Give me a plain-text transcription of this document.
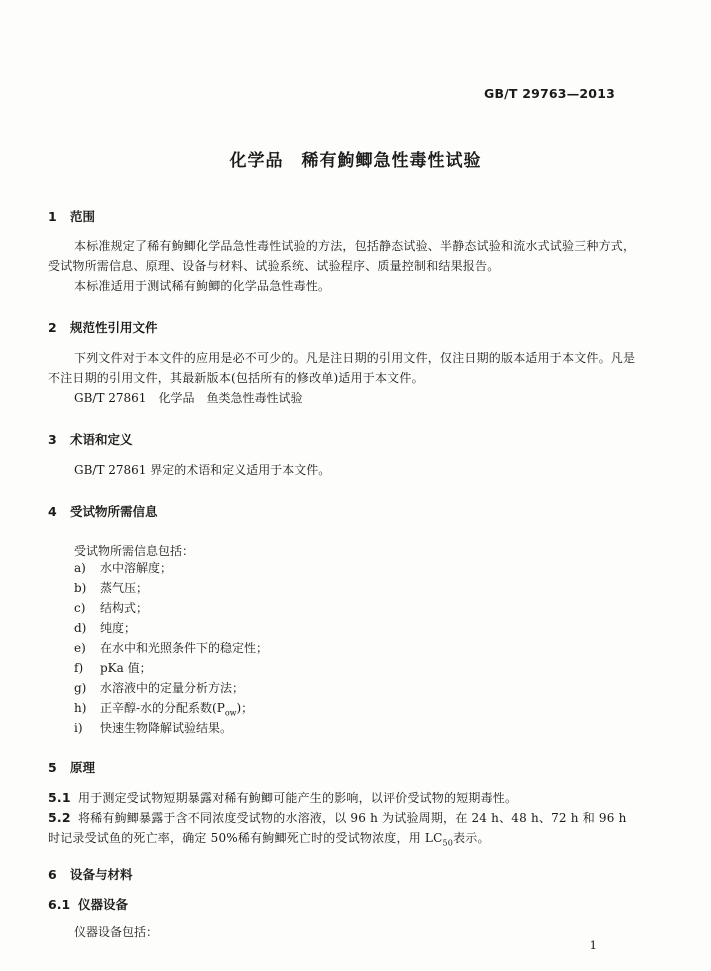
GB/T 29763—2013
化学品　稀有鮈鲫急性毒性试验
1 范围
本标准规定了稀有鮈鲫化学品急性毒性试验的方法，包括静态试验、半静态试验和流水式试验三种方式，受试物所需信息、原理、设备与材料、试验系统、试验程序、质量控制和结果报告。
本标准适用于测试稀有鮈鲫的化学品急性毒性。
2 规范性引用文件
下列文件对于本文件的应用是必不可少的。凡是注日期的引用文件，仅注日期的版本适用于本文件。凡是不注日期的引用文件，其最新版本(包括所有的修改单)适用于本文件。
GB/T 27861　化学品　鱼类急性毒性试验
3 术语和定义
GB/T 27861 界定的术语和定义适用于本文件。
4 受试物所需信息
受试物所需信息包括：
a) 水中溶解度；
b) 蒸气压；
c) 结构式；
d) 纯度；
e) 在水中和光照条件下的稳定性；
f) pKa 值；
g) 水溶液中的定量分析方法；
h) 正辛醇-水的分配系数$(P_{ow})$；
i) 快速生物降解试验结果。
5 原理
5.1 用于测定受试物短期暴露对稀有鮈鲫可能产生的影响，以评价受试物的短期毒性。
5.2 将稀有鮈鲫暴露于含不同浓度受试物的水溶液，以 96 h 为试验周期，在 24 h、48 h、72 h 和 96 h 时记录受试鱼的死亡率，确定 50%稀有鮈鲫死亡时的受试物浓度，用 $LC_{50}$表示。
6 设备与材料
6.1 仪器设备
仪器设备包括：
1
